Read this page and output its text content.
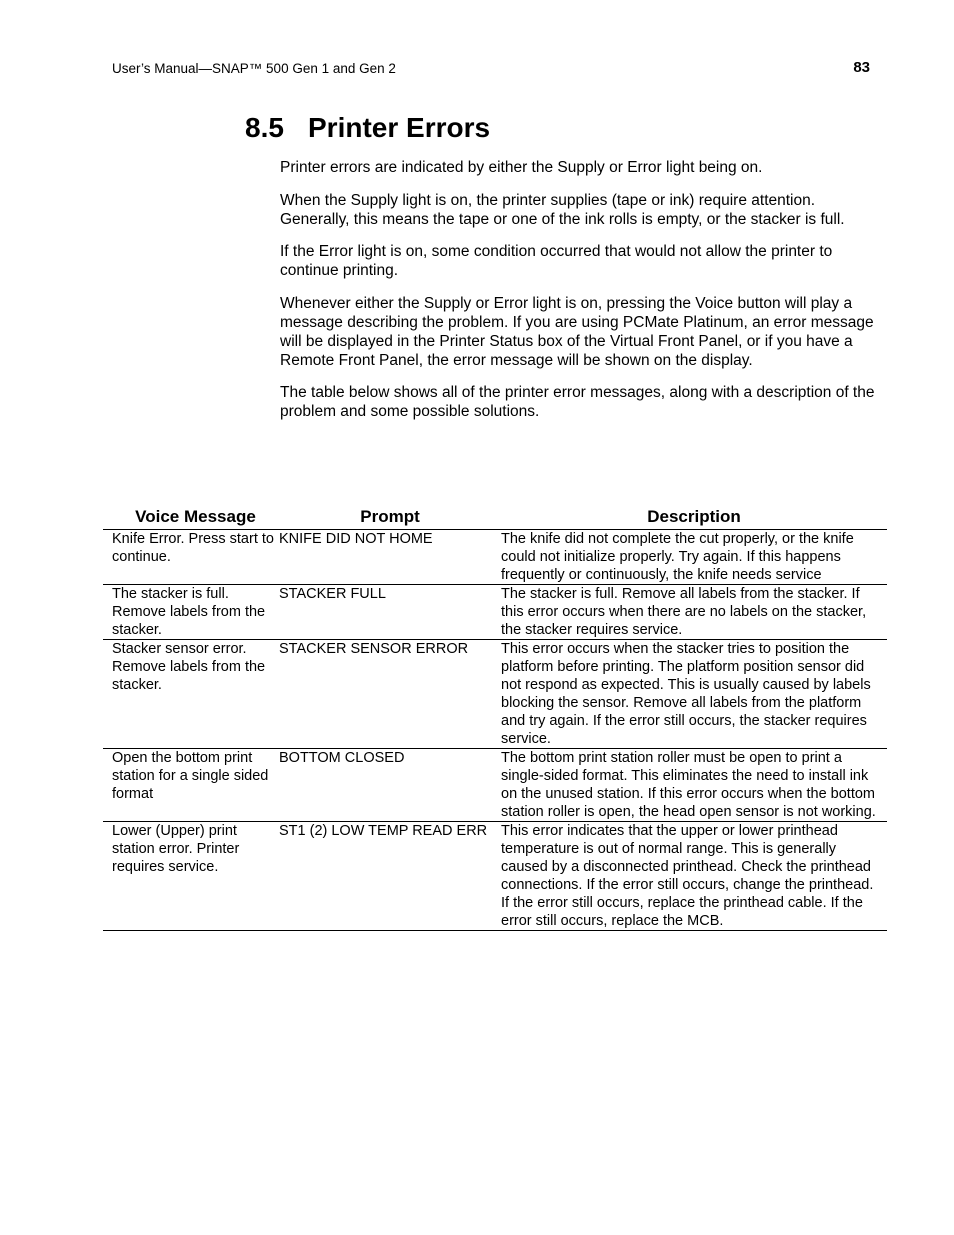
User’s Manual—SNAP™ 500 Gen 1 and Gen 2	83
8.5 Printer Errors

Printer errors are indicated by either the Supply or Error light being on.

When the Supply light is on, the printer supplies (tape or ink) require attention. Generally, this means the tape or one of the ink rolls is empty, or the stacker is full.

If the Error light is on, some condition occurred that would not allow the printer to continue printing.

Whenever either the Supply or Error light is on, pressing the Voice button will play a message describing the problem. If you are using PCMate Platinum, an error message will be displayed in the Printer Status box of the Virtual Front Panel, or if you have a Remote Front Panel, the error message will be shown on the display.

The table below shows all of the printer error messages, along with a description of the problem and some possible solutions.

Voice Message	Prompt	Description
Knife Error. Press start to continue.	KNIFE DID NOT HOME	The knife did not complete the cut properly, or the knife could not initialize properly. Try again. If this happens frequently or continuously, the knife needs service
The stacker is full. Remove labels from the stacker.	STACKER FULL	The stacker is full. Remove all labels from the stacker. If this error occurs when there are no labels on the stacker, the stacker requires service.
Stacker sensor error. Remove labels from the stacker.	STACKER SENSOR ERROR	This error occurs when the stacker tries to position the platform before printing. The platform position sensor did not respond as expected. This is usually caused by labels blocking the sensor. Remove all labels from the platform and try again. If the error still occurs, the stacker requires service.
Open the bottom print station for a single sided format	BOTTOM CLOSED	The bottom print station roller must be open to print a single-sided format. This eliminates the need to install ink on the unused station. If this error occurs when the bottom station roller is open, the head open sensor is not working.
Lower (Upper) print station error. Printer requires service.	ST1 (2) LOW TEMP READ ERR	This error indicates that the upper or lower printhead temperature is out of normal range. This is generally caused by a disconnected printhead. Check the printhead connections. If the error still occurs, change the printhead. If the error still occurs, replace the printhead cable. If the error still occurs, replace the MCB.
